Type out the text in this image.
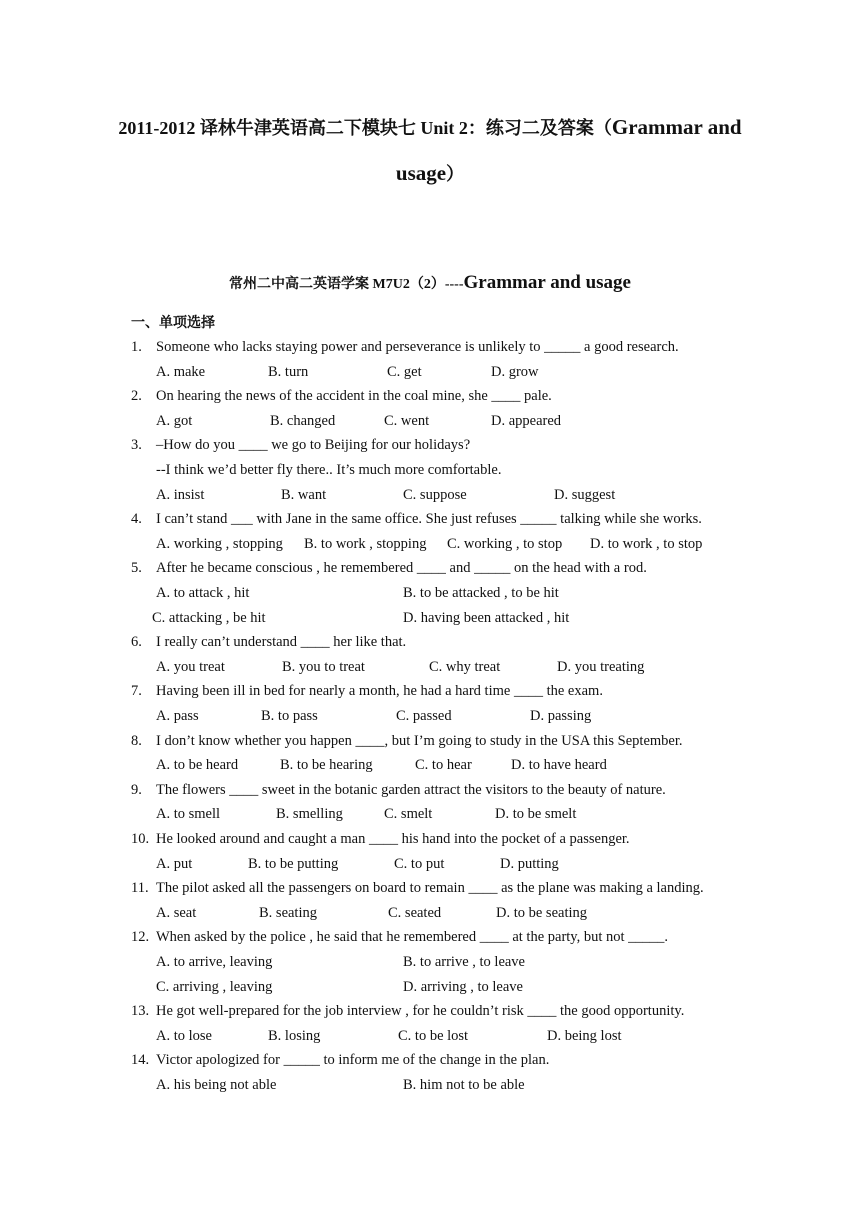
2011-2012 译林牛津英语高二下模块七 Unit 2：练习二及答案（Grammar and
usage）
常州二中高二英语学案 M7U2（2）----Grammar and usage
一、单项选择
1. Someone who lacks staying power and perseverance is unlikely to _____ a good research.
A. make	B. turn	C. get	D. grow
2. On hearing the news of the accident in the coal mine, she ____ pale.
A. got	B. changed	C. went	D. appeared
3. –How do you ____ we go to Beijing for our holidays?
--I think we’d better fly there.. It’s much more comfortable.
A. insist	B. want	C. suppose	D. suggest
4. I can’t stand ___ with Jane in the same office. She just refuses _____ talking while she works.
A. working , stopping B. to work , stopping C. working , to stop D. to work , to stop
5. After he became conscious , he remembered ____ and _____ on the head with a rod.
A. to attack , hit	B. to be attacked , to be hit
C. attacking , be hit	D. having been attacked , hit
6. I really can’t understand ____ her like that.
A. you treat	B. you to treat	C. why treat	D. you treating
7. Having been ill in bed for nearly a month, he had a hard time ____ the exam.
A. pass	B. to pass	C. passed	D. passing
8. I don’t know whether you happen ____, but I’m going to study in the USA this September.
A. to be heard	B. to be hearing	C. to hear	D. to have heard
9. The flowers ____ sweet in the botanic garden attract the visitors to the beauty of nature.
A. to smell	B. smelling	C. smelt	D. to be smelt
10. He looked around and caught a man ____ his hand into the pocket of a passenger.
A. put	B. to be putting	C. to put	D. putting
11. The pilot asked all the passengers on board to remain ____ as the plane was making a landing.
A. seat	B. seating	C. seated	D. to be seating
12. When asked by the police , he said that he remembered ____ at the party, but not _____.
A. to arrive, leaving	B. to arrive , to leave
C. arriving , leaving	D. arriving , to leave
13. He got well-prepared for the job interview , for he couldn’t risk ____ the good opportunity.
A. to lose	B. losing	C. to be lost	D. being lost
14. Victor apologized for _____ to inform me of the change in the plan.
A. his being not able	B. him not to be able
